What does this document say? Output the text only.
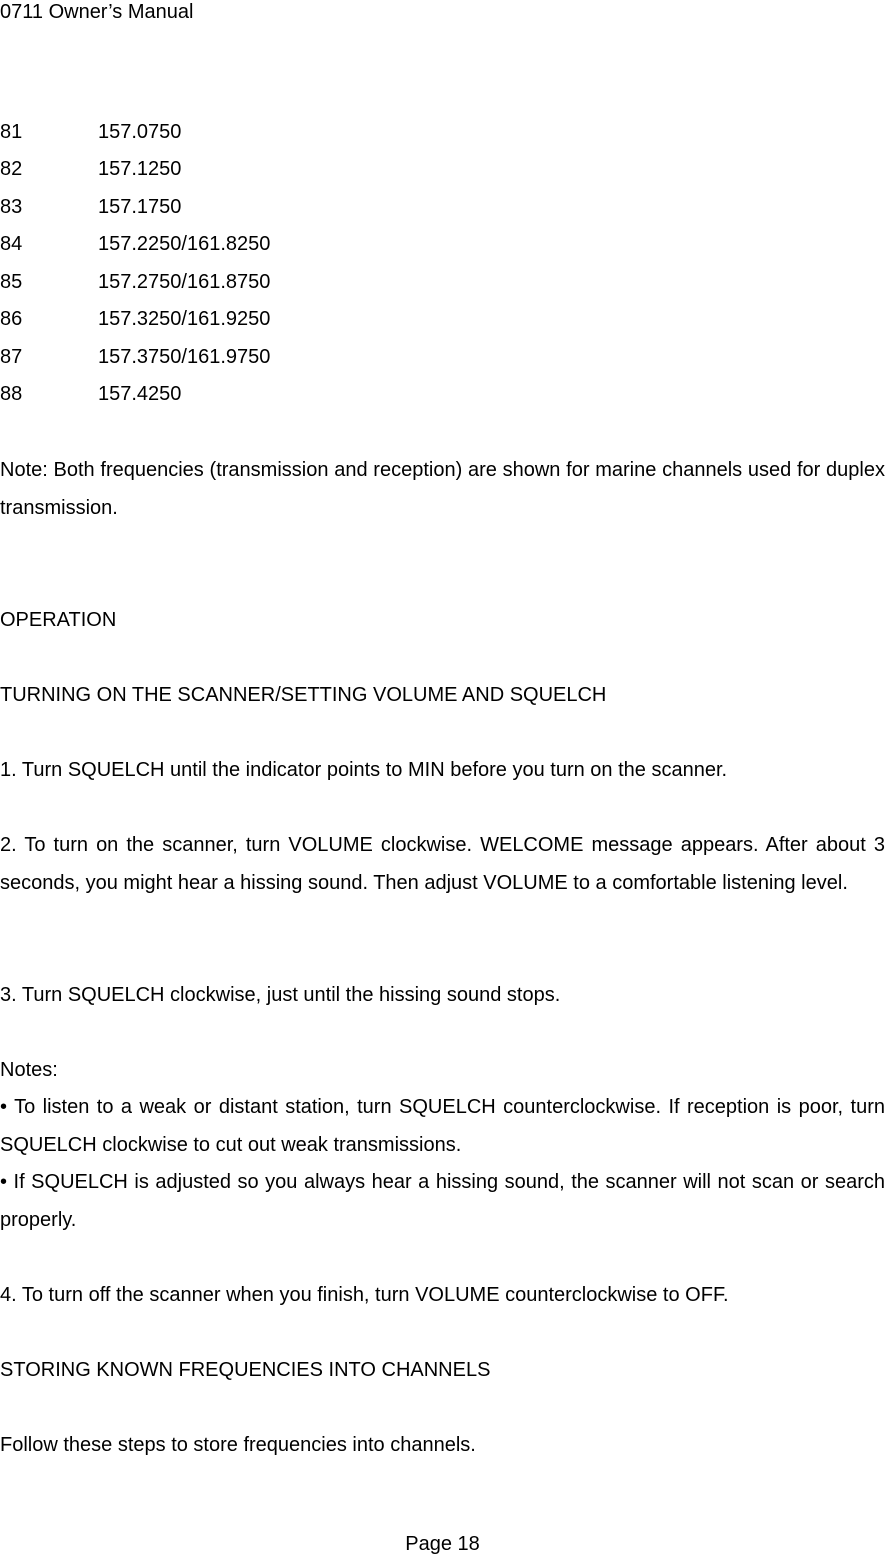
0711 Owner’s Manual
81	157.0750
82	157.1250
83	157.1750
84	157.2250/161.8250
85	157.2750/161.8750
86	157.3250/161.9250
87	157.3750/161.9750
88	157.4250

Note: Both frequencies (transmission and reception) are shown for marine channels used for duplex transmission.

OPERATION
TURNING ON THE SCANNER/SETTING VOLUME AND SQUELCH

1. Turn SQUELCH until the indicator points to MIN before you turn on the scanner.

2. To turn on the scanner, turn VOLUME clockwise. WELCOME message appears. After about 3 seconds, you might hear a hissing sound. Then adjust VOLUME to a comfortable listening level.

3. Turn SQUELCH clockwise, just until the hissing sound stops.

Notes:

• To listen to a weak or distant station, turn SQUELCH counterclockwise. If reception is poor, turn SQUELCH clockwise to cut out weak transmissions.

• If SQUELCH is adjusted so you always hear a hissing sound, the scanner will not scan or search properly.

4. To turn off the scanner when you finish, turn VOLUME counterclockwise to OFF.

STORING KNOWN FREQUENCIES INTO CHANNELS
Follow these steps to store frequencies into channels.
Page 18
